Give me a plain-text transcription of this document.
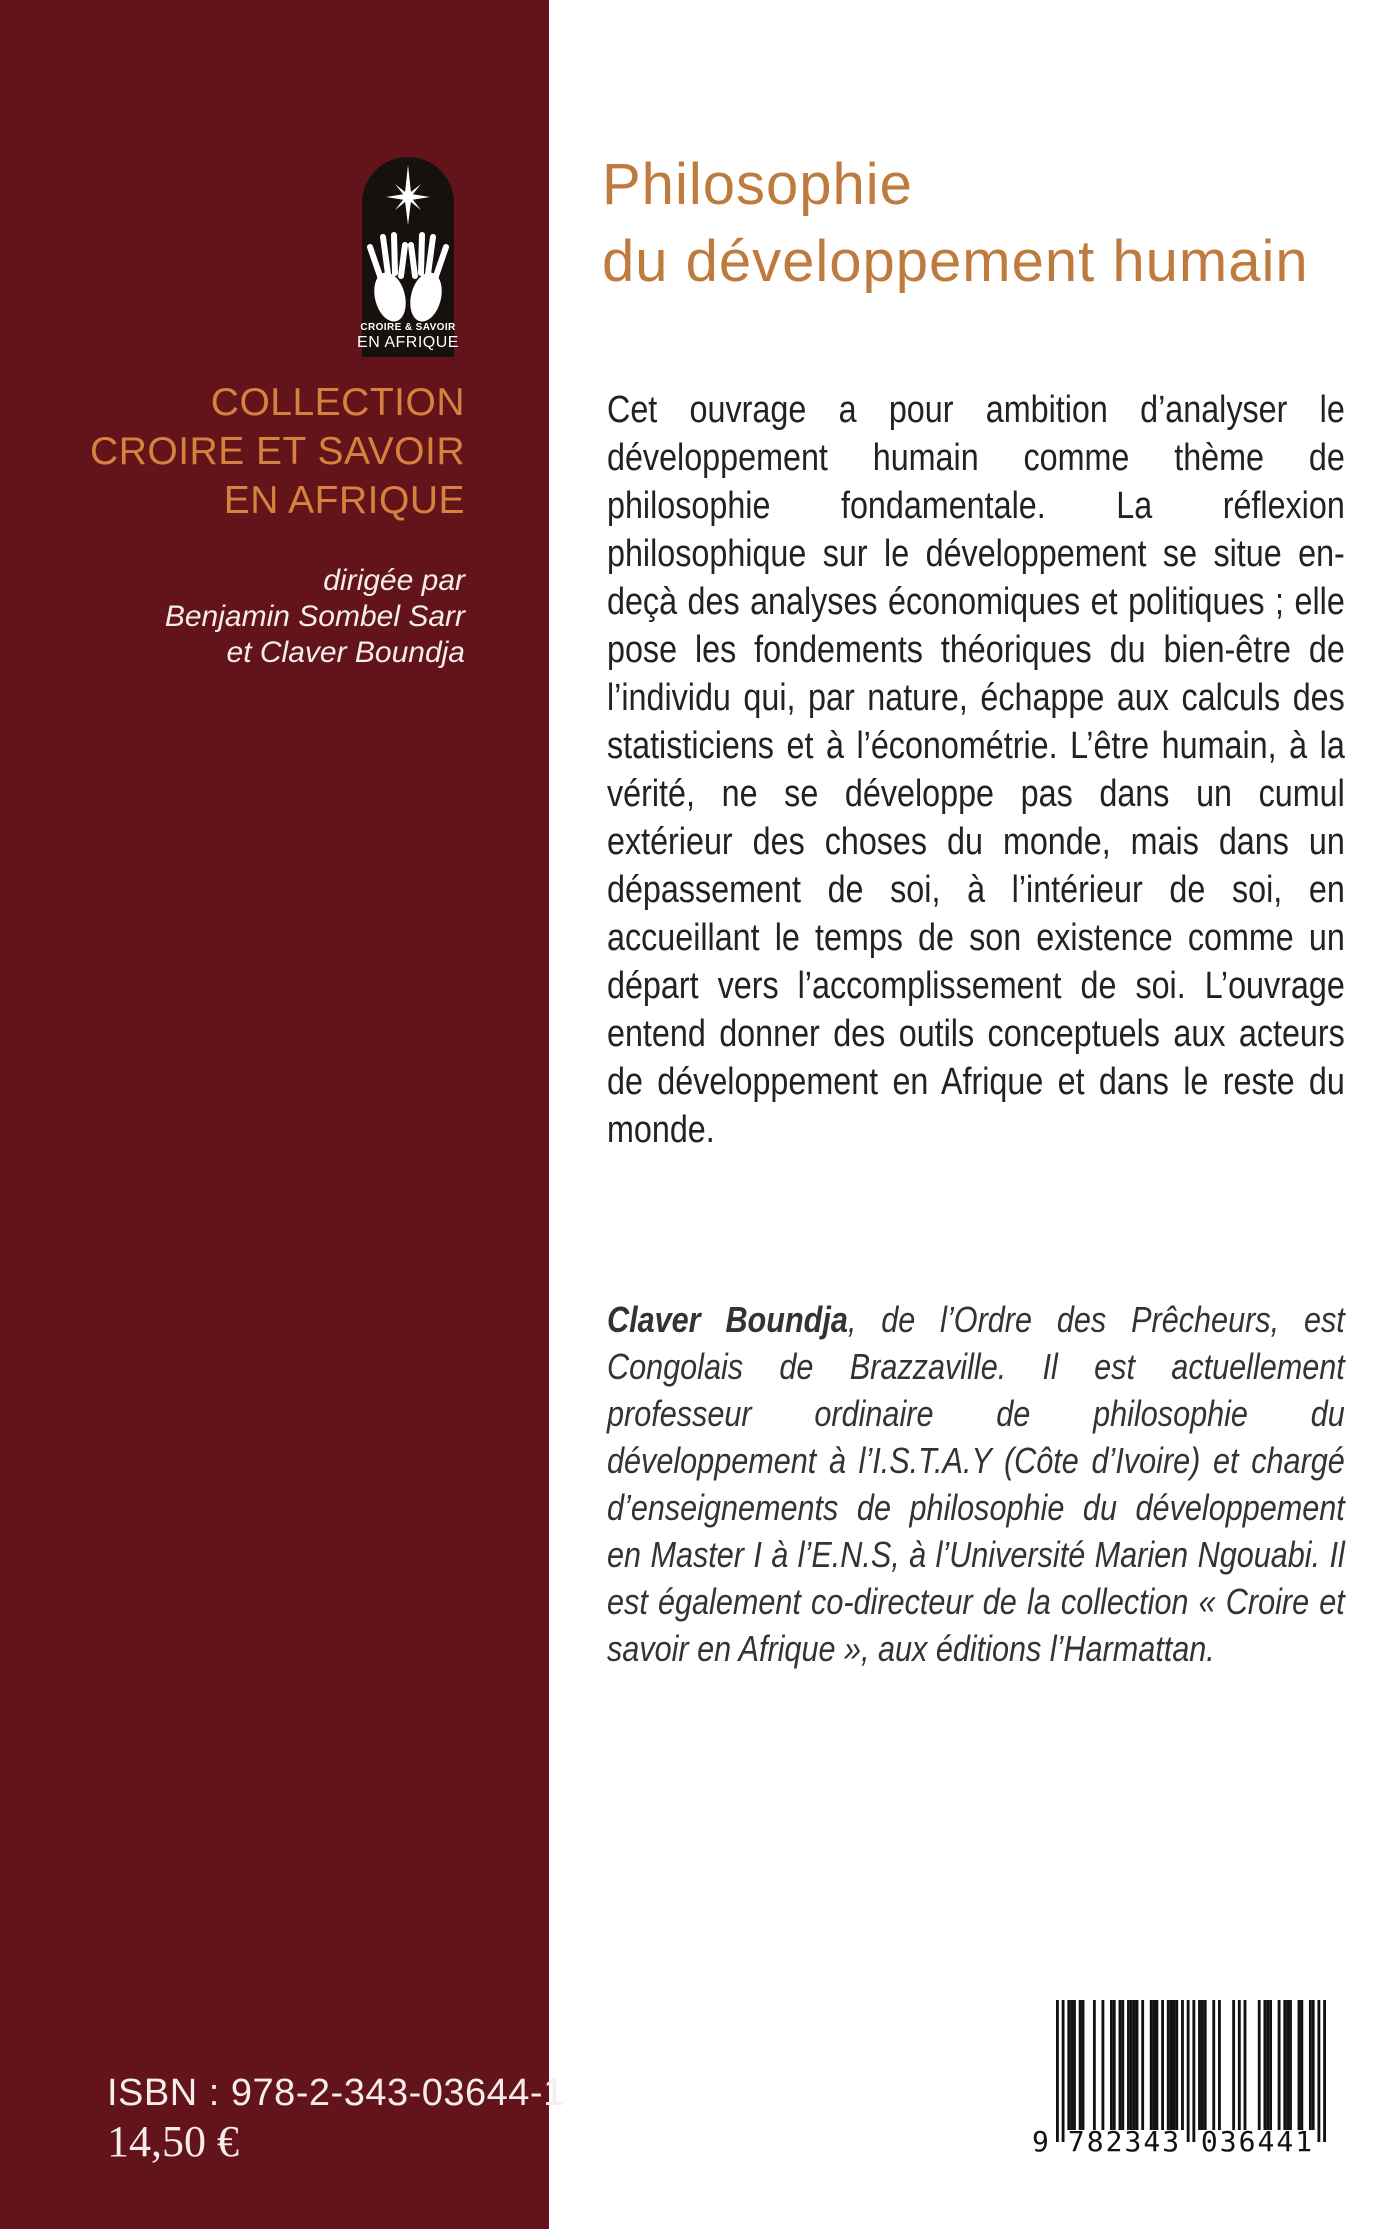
CROIRE & SAVOIR
EN AFRIQUE
COLLECTION
CROIRE ET SAVOIR
EN AFRIQUE
dirigée par
Benjamin Sombel Sarr
et Claver Boundja
Philosophie
du développement humain
Cet ouvrage a pour ambition d’analyser le développement humain comme thème de philosophie fondamentale. La réflexion philosophique sur le développement se situe en-deçà des analyses économiques et politiques ; elle pose les fondements théoriques du bien-être de l’individu qui, par nature, échappe aux calculs des statisticiens et à l’économétrie. L’être humain, à la vérité, ne se développe pas dans un cumul extérieur des choses du monde, mais dans un dépassement de soi, à l’intérieur de soi, en accueillant le temps de son existence comme un départ vers l’accomplissement de soi. L’ouvrage entend donner des outils conceptuels aux acteurs de développement en Afrique et dans le reste du monde.
Claver Boundja, de l’Ordre des Prêcheurs, est Congolais de Brazzaville. Il est actuellement professeur ordinaire de philosophie du développement à l’I.S.T.A.Y (Côte d’Ivoire) et chargé d’enseignements de philosophie du développement en Master I à l’E.N.S, à l’Université Marien Ngouabi. Il est également co-directeur de la collection « Croire et savoir en Afrique », aux éditions l’Harmattan.
ISBN : 978-2-343-03644-1
14,50 €	9 782343 036441
